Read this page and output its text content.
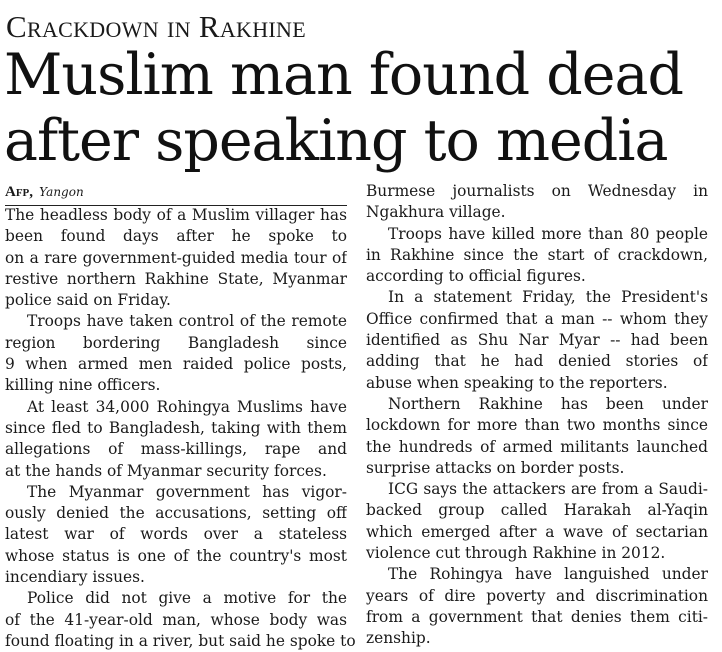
Crackdown in Rakhine
Muslim man found dead
after speaking to media
Afp, Yangon
The headless body of a Muslim villager has
been found days after he spoke to
on a rare government-guided media tour of
restive northern Rakhine State, Myanmar
police said on Friday.
Troops have taken control of the remote
region bordering Bangladesh since
9 when armed men raided police posts,
killing nine officers.
At least 34,000 Rohingya Muslims have
since fled to Bangladesh, taking with them
allegations of mass-killings, rape and
at the hands of Myanmar security forces.
The Myanmar government has vigor-
ously denied the accusations, setting off
latest war of words over a stateless
whose status is one of the country's most
incendiary issues.
Police did not give a motive for the
of the 41-year-old man, whose body was
found floating in a river, but said he spoke to
Burmese journalists on Wednesday in
Ngakhura village.
Troops have killed more than 80 people
in Rakhine since the start of crackdown,
according to official figures.
In a statement Friday, the President's
Office confirmed that a man -- whom they
identified as Shu Nar Myar -- had been
adding that he had denied stories of
abuse when speaking to the reporters.
Northern Rakhine has been under
lockdown for more than two months since
the hundreds of armed militants launched
surprise attacks on border posts.
ICG says the attackers are from a Saudi-
backed group called Harakah al-Yaqin
which emerged after a wave of sectarian
violence cut through Rakhine in 2012.
The Rohingya have languished under
years of dire poverty and discrimination
from a government that denies them citi-
zenship.
